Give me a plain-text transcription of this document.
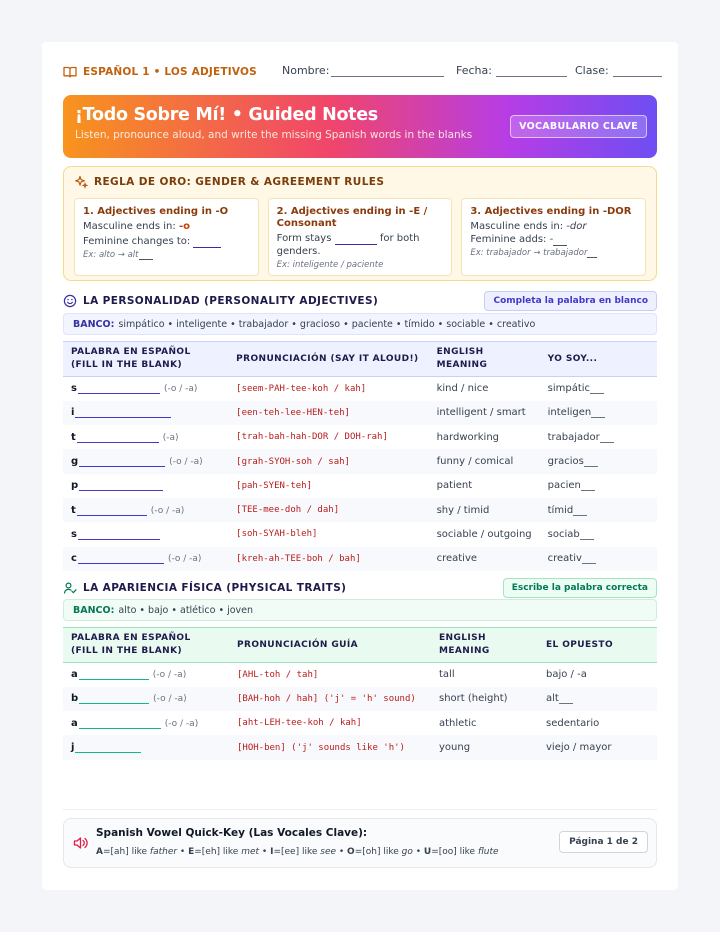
ESPAÑOL 1 • LOS ADJETIVOS Nombre:	Fecha:	Clase:
¡Todo Sobre Mí! • Guided Notes

Listen, pronounce aloud, and write the missing Spanish words in the blanks

VOCABULARIO CLAVE
REGLA DE ORO: GENDER & AGREEMENT RULES
1. Adjectives ending in -O
Masculine ends in: -o
Feminine changes to:
Ex: alto → alt
2. Adjectives ending in -E / Consonant
Form stays	for both genders.
Ex: inteligente / paciente
3. Adjectives ending in -DOR
Masculine ends in: -dor
Feminine adds: -
Ex: trabajador → trabajador
LA PERSONALIDAD (PERSONALITY ADJECTIVES)	Completa la palabra en blanco
BANCO: simpático • inteligente • trabajador • gracioso • paciente • tímido • sociable • creativo
PALABRA EN ESPAÑOL (FILL IN THE BLANK)	PRONUNCIACIÓN (SAY IT ALOUD!)	ENGLISH MEANING	YO SOY...
s (-o / -a)	[seem-PAH-tee-koh / kah]	kind / nice	simpátic
i	[een-teh-lee-HEN-teh]	intelligent / smart	inteligen
t (-a)	[trah-bah-hah-DOR / DOH-rah]	hardworking	trabajador
g (-o / -a)	[grah-SYOH-soh / sah]	funny / comical	gracios
p	[pah-SYEN-teh]	patient	pacien
t (-o / -a)	[TEE-mee-doh / dah]	shy / timid	tímid
s	[soh-SYAH-bleh]	sociable / outgoing	sociab
c (-o / -a)	[kreh-ah-TEE-boh / bah]	creative	creativ
LA APARIENCIA FÍSICA (PHYSICAL TRAITS)	Escribe la palabra correcta
BANCO: alto • bajo • atlético • joven
PALABRA EN ESPAÑOL (FILL IN THE BLANK)	PRONUNCIACIÓN GUÍA	ENGLISH MEANING	EL OPUESTO
a (-o / -a)	[AHL-toh / tah]	tall	bajo / -a
b (-o / -a)	[BAH-hoh / hah] ('j' = 'h' sound)	short (height)	alt
a (-o / -a)	[aht-LEH-tee-koh / kah]	athletic	sedentario
j	[HOH-ben] ('j' sounds like 'h')	young	viejo / mayor
Spanish Vowel Quick-Key (Las Vocales Clave):
A=[ah] like father • E=[eh] like met • I=[ee] like see • O=[oh] like go • U=[oo] like flute
Página 1 de 2
